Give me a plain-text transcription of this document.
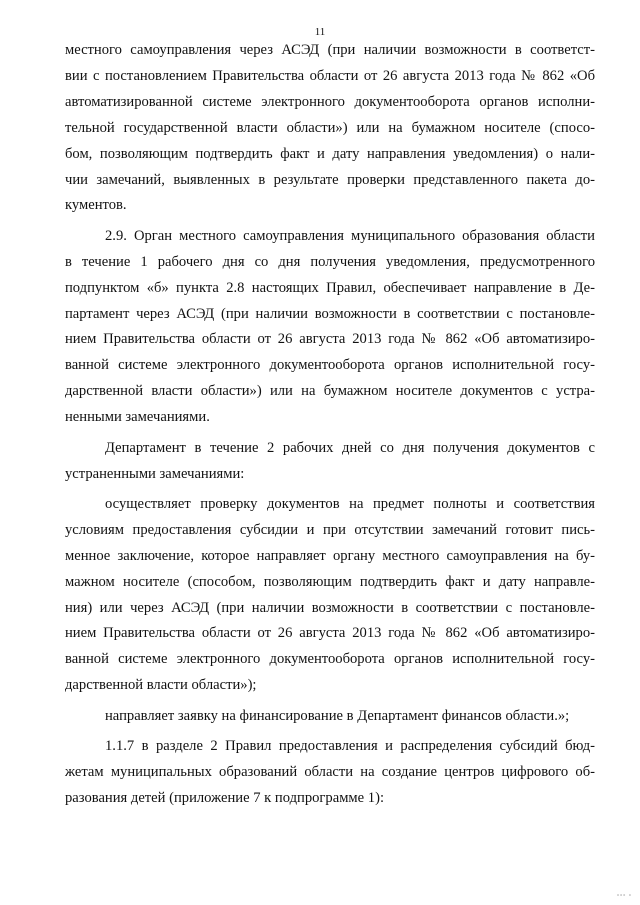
11

местного самоуправления через АСЭД (при наличии возможности в соответст-
вии с постановлением Правительства области от 26 августа 2013 года № 862 «Об
автоматизированной системе электронного документооборота органов исполни-
тельной государственной власти области») или на бумажном носителе (спосо-
бом, позволяющим подтвердить факт и дату направления уведомления) о нали-
чии замечаний, выявленных в результате проверки представленного пакета до-
кументов.

2.9. Орган местного самоуправления муниципального образования области
в течение 1 рабочего дня со дня получения уведомления, предусмотренного
подпунктом «б» пункта 2.8 настоящих Правил, обеспечивает направление в Де-
партамент через АСЭД (при наличии возможности в соответствии с постановле-
нием Правительства области от 26 августа 2013 года № 862 «Об автоматизиро-
ванной системе электронного документооборота органов исполнительной госу-
дарственной власти области») или на бумажном носителе документов с устра-
ненными замечаниями.

Департамент в течение 2 рабочих дней со дня получения документов с
устраненными замечаниями:

осуществляет проверку документов на предмет полноты и соответствия
условиям предоставления субсидии и при отсутствии замечаний готовит пись-
менное заключение, которое направляет органу местного самоуправления на бу-
мажном носителе (способом, позволяющим подтвердить факт и дату направле-
ния) или через АСЭД (при наличии возможности в соответствии с постановле-
нием Правительства области от 26 августа 2013 года № 862 «Об автоматизиро-
ванной системе электронного документооборота органов исполнительной госу-
дарственной власти области»);

направляет заявку на финансирование в Департамент финансов области.»;

1.1.7 в разделе 2 Правил предоставления и распределения субсидий бюд-
жетам муниципальных образований области на создание центров цифрового об-
разования детей (приложение 7 к подпрограмме 1):

▫▫▫ ▫
